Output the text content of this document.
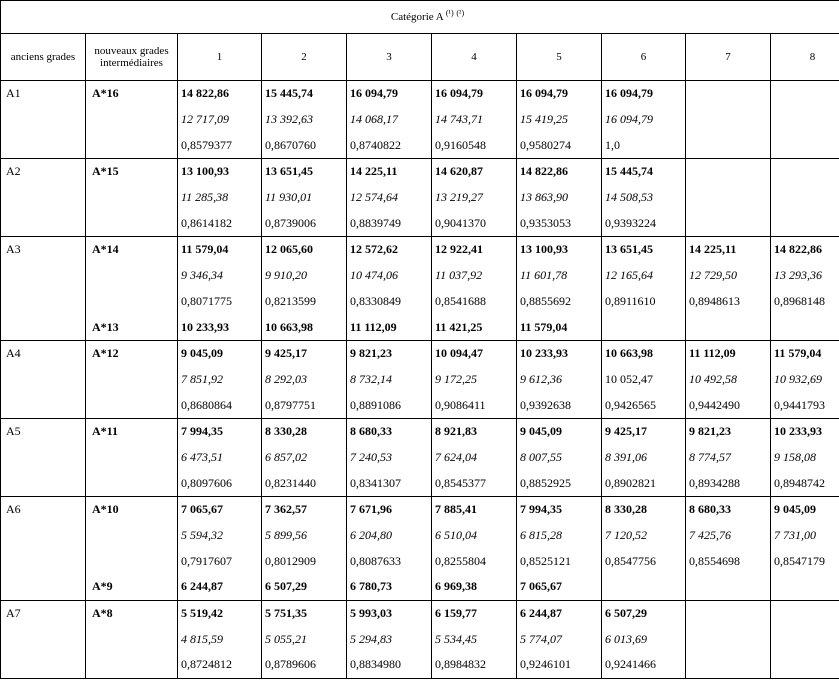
Catégorie A $^{(^1)}$ $^{(^2)}$
anciens grades	nouveaux grades intermédiaires	1	2	3	4	5	6	7	8
A1	A*16	14 822,86	15 445,74	16 094,79	16 094,79	16 094,79	16 094,79		
		12 717,09	13 392,63	14 068,17	14 743,71	15 419,25	16 094,79		
		0,8579377	0,8670760	0,8740822	0,9160548	0,9580274	1,0		
A2	A*15	13 100,93	13 651,45	14 225,11	14 620,87	14 822,86	15 445,74		
		11 285,38	11 930,01	12 574,64	13 219,27	13 863,90	14 508,53		
		0,8614182	0,8739006	0,8839749	0,9041370	0,9353053	0,9393224		
A3	A*14	11 579,04	12 065,60	12 572,62	12 922,41	13 100,93	13 651,45	14 225,11	14 822,86
		9 346,34	9 910,20	10 474,06	11 037,92	11 601,78	12 165,64	12 729,50	13 293,36
		0,8071775	0,8213599	0,8330849	0,8541688	0,8855692	0,8911610	0,8948613	0,8968148
	A*13	10 233,93	10 663,98	11 112,09	11 421,25	11 579,04			
A4	A*12	9 045,09	9 425,17	9 821,23	10 094,47	10 233,93	10 663,98	11 112,09	11 579,04
		7 851,92	8 292,03	8 732,14	9 172,25	9 612,36	10 052,47	10 492,58	10 932,69
		0,8680864	0,8797751	0,8891086	0,9086411	0,9392638	0,9426565	0,9442490	0,9441793
A5	A*11	7 994,35	8 330,28	8 680,33	8 921,83	9 045,09	9 425,17	9 821,23	10 233,93
		6 473,51	6 857,02	7 240,53	7 624,04	8 007,55	8 391,06	8 774,57	9 158,08
		0,8097606	0,8231440	0,8341307	0,8545377	0,8852925	0,8902821	0,8934288	0,8948742
A6	A*10	7 065,67	7 362,57	7 671,96	7 885,41	7 994,35	8 330,28	8 680,33	9 045,09
		5 594,32	5 899,56	6 204,80	6 510,04	6 815,28	7 120,52	7 425,76	7 731,00
		0,7917607	0,8012909	0,8087633	0,8255804	0,8525121	0,8547756	0,8554698	0,8547179
	A*9	6 244,87	6 507,29	6 780,73	6 969,38	7 065,67			
A7	A*8	5 519,42	5 751,35	5 993,03	6 159,77	6 244,87	6 507,29		
		4 815,59	5 055,21	5 294,83	5 534,45	5 774,07	6 013,69		
		0,8724812	0,8789606	0,8834980	0,8984832	0,9246101	0,9241466		
